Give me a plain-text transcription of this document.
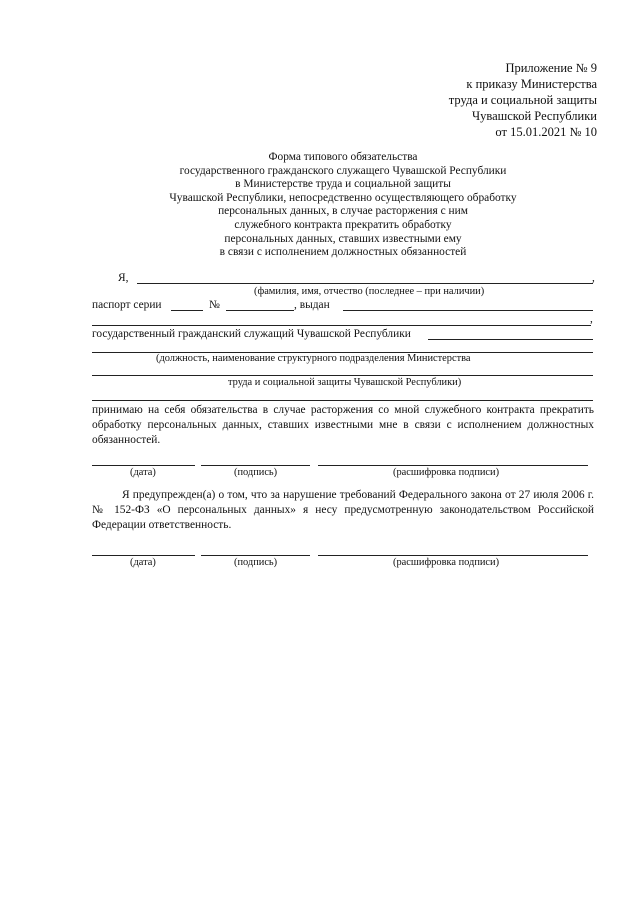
Приложение № 9
к приказу Министерства
труда и социальной защиты
Чувашской Республики
от 15.01.2021 № 10
Форма типового обязательства
государственного гражданского служащего Чувашской Республики
в Министерстве труда и социальной защиты
Чувашской Республики, непосредственно осуществляющего обработку
персональных данных, в случае расторжения с ним
служебного контракта прекратить обработку
персональных данных, ставших известными ему
в связи с исполнением должностных обязанностей
Я,	,
(фамилия, имя, отчество (последнее – при наличии)
паспорт серии	№	, выдан
,
государственный гражданский служащий Чувашской Республики
(должность, наименование структурного подразделения Министерства
труда и социальной защиты Чувашской Республики)
принимаю на себя обязательства в случае расторжения со мной служебного контракта прекратить обработку персональных данных, ставших известными мне в связи с исполнением должностных обязанностей.
(дата)	(подпись)	(расшифровка подписи)
Я предупрежден(а) о том, что за нарушение требований Федерального закона от 27 июля 2006 г. № 152-ФЗ «О персональных данных» я несу предусмотренную законодательством Российской Федерации ответственность.
(дата)	(подпись)	(расшифровка подписи)
